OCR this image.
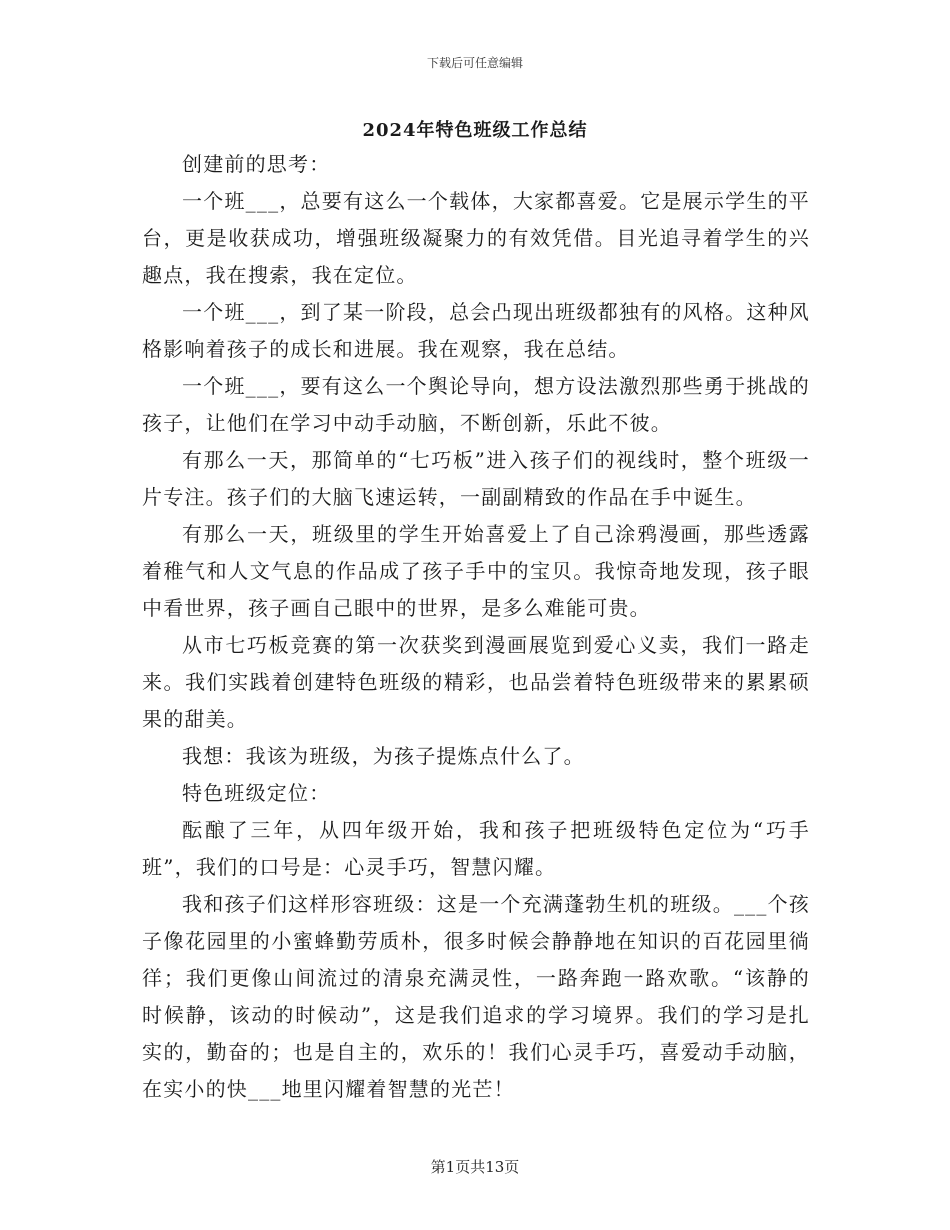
下载后可任意编辑
2024年特色班级工作总结

创建前的思考：

一个班___，总要有这么一个载体，大家都喜爱。它是展示学生的平台，更是收获成功，增强班级凝聚力的有效凭借。目光追寻着学生的兴趣点，我在搜索，我在定位。

一个班___，到了某一阶段，总会凸现出班级都独有的风格。这种风格影响着孩子的成长和进展。我在观察，我在总结。

一个班___，要有这么一个舆论导向，想方设法激烈那些勇于挑战的孩子，让他们在学习中动手动脑，不断创新，乐此不彼。

有那么一天，那简单的“七巧板”进入孩子们的视线时，整个班级一片专注。孩子们的大脑飞速运转，一副副精致的作品在手中诞生。

有那么一天，班级里的学生开始喜爱上了自己涂鸦漫画，那些透露着稚气和人文气息的作品成了孩子手中的宝贝。我惊奇地发现，孩子眼中看世界，孩子画自己眼中的世界，是多么难能可贵。

从市七巧板竞赛的第一次获奖到漫画展览到爱心义卖，我们一路走来。我们实践着创建特色班级的精彩，也品尝着特色班级带来的累累硕果的甜美。

我想：我该为班级，为孩子提炼点什么了。

特色班级定位：

酝酿了三年，从四年级开始，我和孩子把班级特色定位为“巧手班”，我们的口号是：心灵手巧，智慧闪耀。

我和孩子们这样形容班级：这是一个充满蓬勃生机的班级。___个孩子像花园里的小蜜蜂勤劳质朴，很多时候会静静地在知识的百花园里徜徉；我们更像山间流过的清泉充满灵性，一路奔跑一路欢歌。“该静的时候静，该动的时候动”，这是我们追求的学习境界。我们的学习是扎实的，勤奋的；也是自主的，欢乐的！我们心灵手巧，喜爱动手动脑，在实小的快___地里闪耀着智慧的光芒！

第1页共13页
